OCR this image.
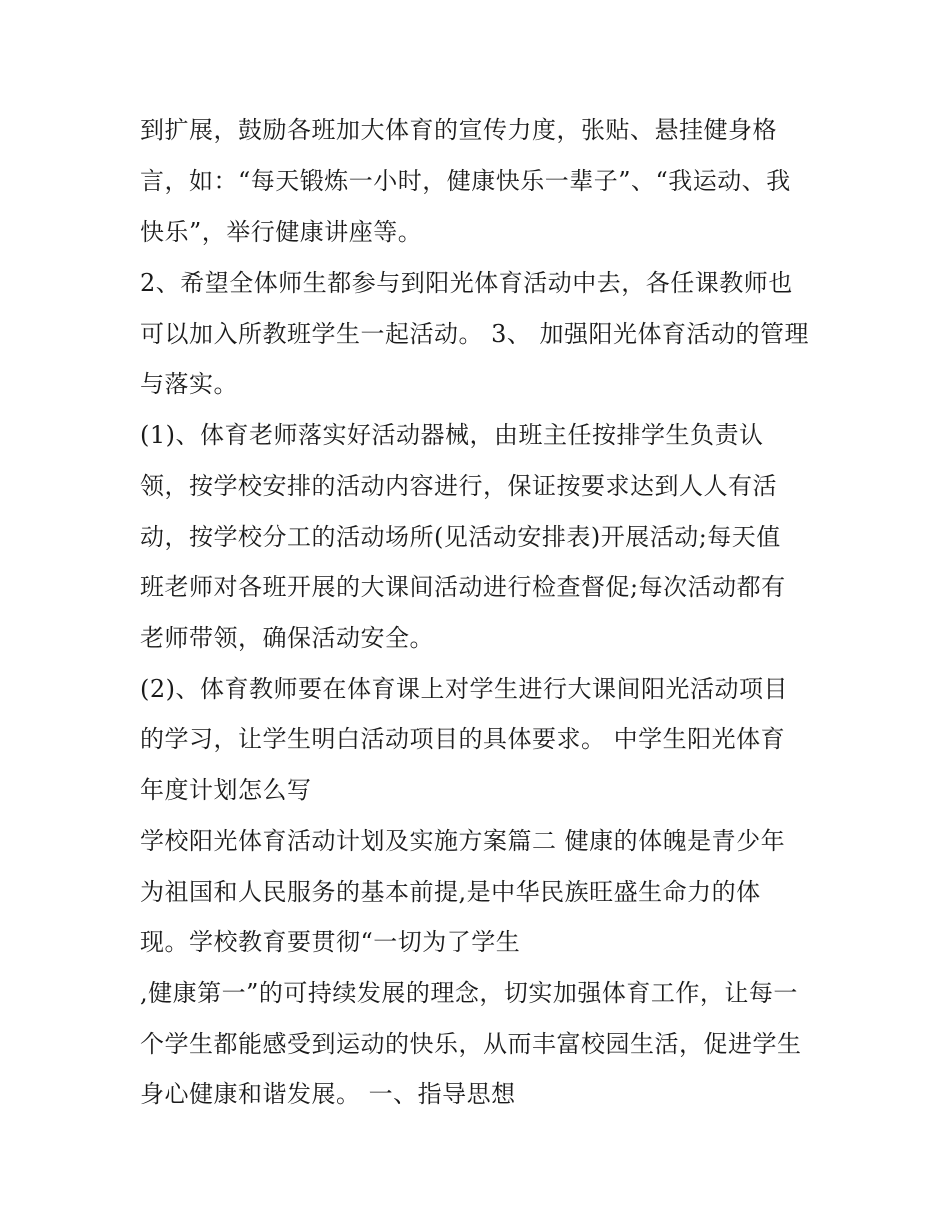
到扩展，鼓励各班加大体育的宣传力度，张贴、悬挂健身格
言，如：“每天锻炼一小时，健康快乐一辈子”、“我运动、我
快乐”，举行健康讲座等。
2、希望全体师生都参与到阳光体育活动中去，各任课教师也
可以加入所教班学生一起活动。 3、 加强阳光体育活动的管理
与落实。
(1)、体育老师落实好活动器械，由班主任按排学生负责认
领，按学校安排的活动内容进行，保证按要求达到人人有活
动，按学校分工的活动场所(见活动安排表)开展活动;每天值
班老师对各班开展的大课间活动进行检查督促;每次活动都有
老师带领，确保活动安全。
(2)、体育教师要在体育课上对学生进行大课间阳光活动项目
的学习，让学生明白活动项目的具体要求。 中学生阳光体育
年度计划怎么写
学校阳光体育活动计划及实施方案篇二 健康的体魄是青少年
为祖国和人民服务的基本前提,是中华民族旺盛生命力的体
现。学校教育要贯彻“一切为了学生
,健康第一”的可持续发展的理念，切实加强体育工作，让每一
个学生都能感受到运动的快乐，从而丰富校园生活，促进学生
身心健康和谐发展。 一、指导思想
